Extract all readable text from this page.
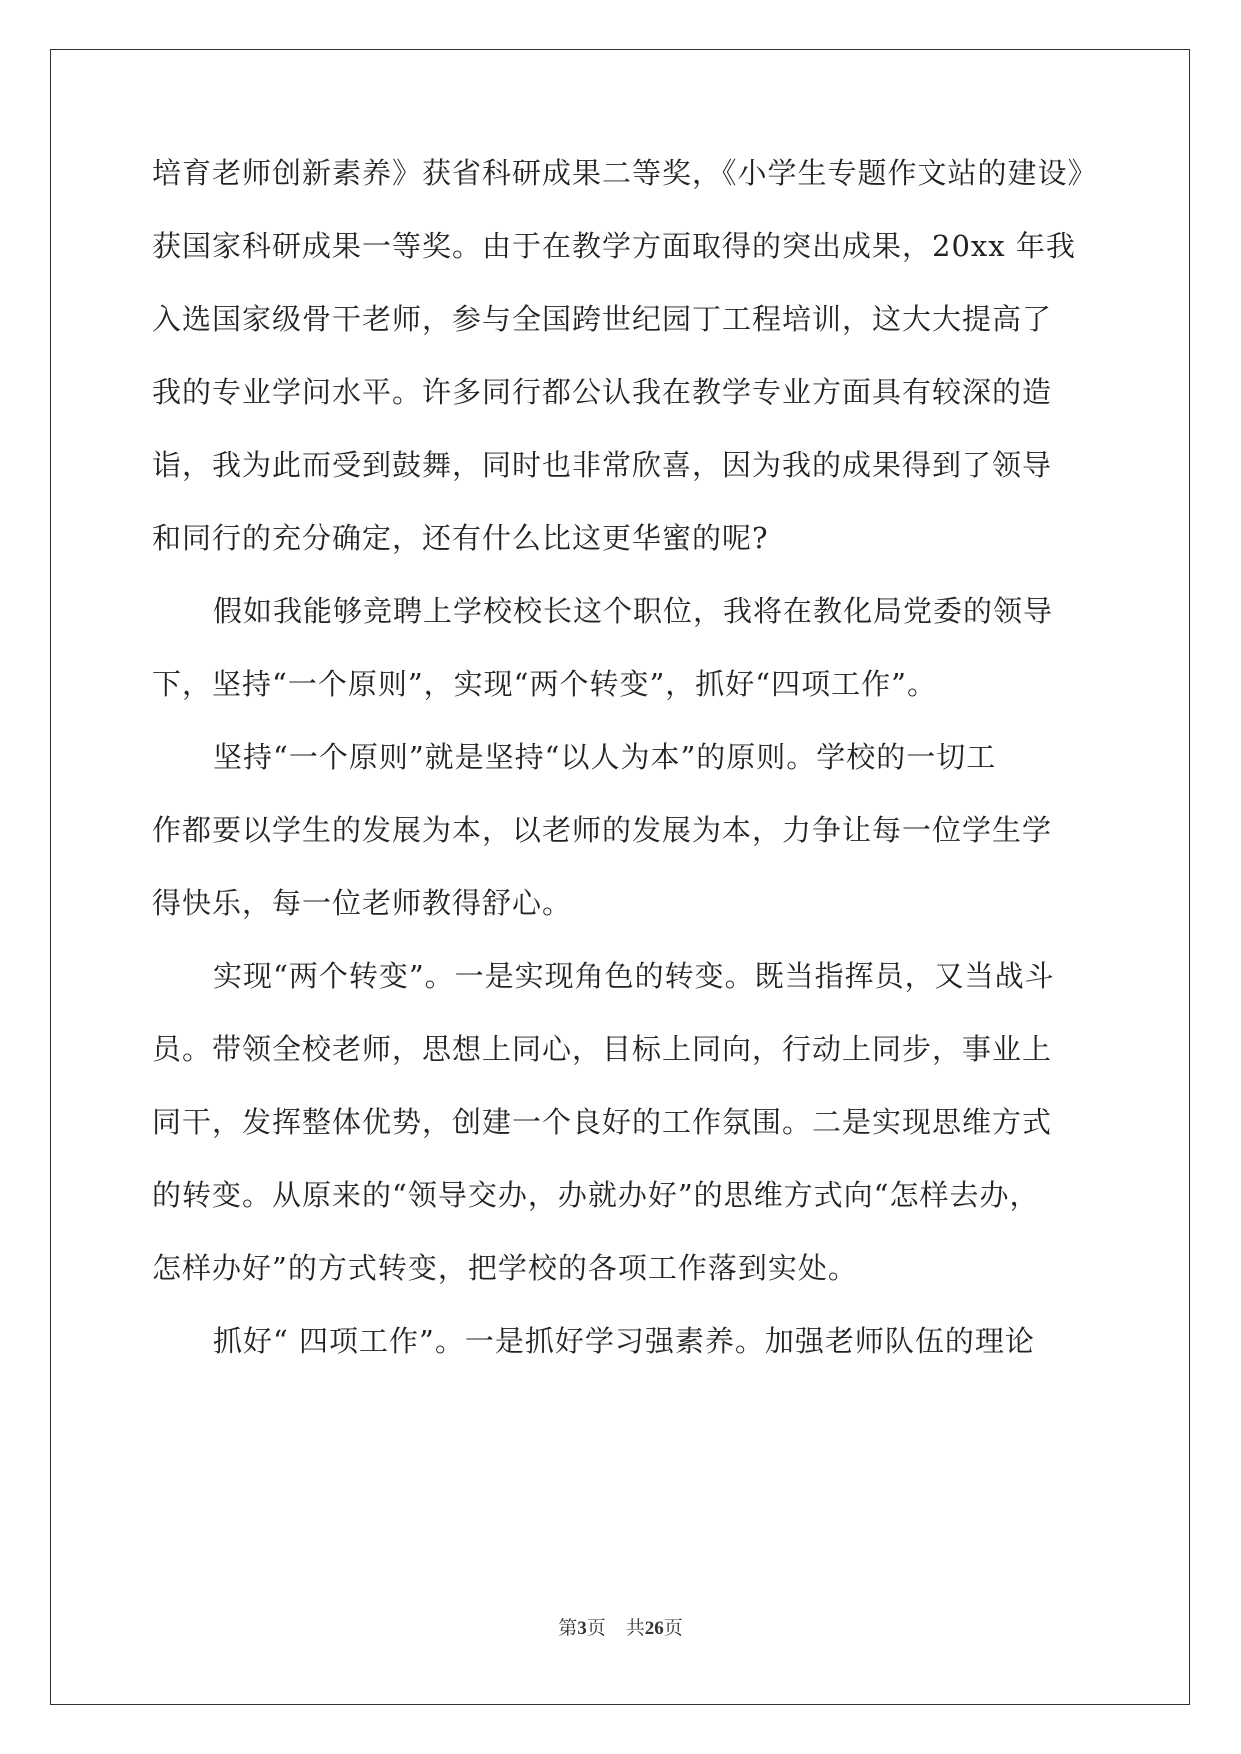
培育老师创新素养》获省科研成果二等奖，《小学生专题作文站的建设》
获国家科研成果一等奖。由于在教学方面取得的突出成果，20xx 年我
入选国家级骨干老师，参与全国跨世纪园丁工程培训，这大大提高了
我的专业学问水平。许多同行都公认我在教学专业方面具有较深的造
诣，我为此而受到鼓舞，同时也非常欣喜，因为我的成果得到了领导
和同行的充分确定，还有什么比这更华蜜的呢?
假如我能够竞聘上学校校长这个职位，我将在教化局党委的领导
下，坚持“一个原则”，实现“两个转变”，抓好“四项工作”。
坚持“一个原则”就是坚持“以人为本”的原则。学校的一切工
作都要以学生的发展为本，以老师的发展为本，力争让每一位学生学
得快乐，每一位老师教得舒心。
实现“两个转变”。一是实现角色的转变。既当指挥员，又当战斗
员。带领全校老师，思想上同心，目标上同向，行动上同步，事业上
同干，发挥整体优势，创建一个良好的工作氛围。二是实现思维方式
的转变。从原来的“领导交办，办就办好”的思维方式向“怎样去办，
怎样办好”的方式转变，把学校的各项工作落到实处。
抓好“ 四项工作”。一是抓好学习强素养。加强老师队伍的理论
第3页 共26页
